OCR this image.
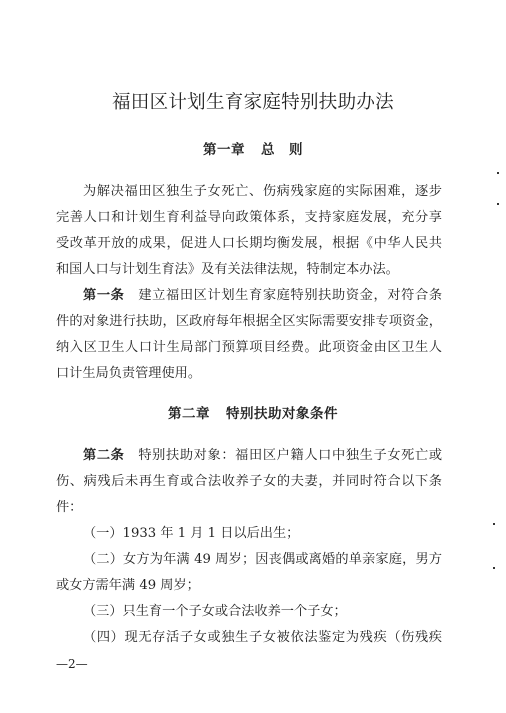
福田区计划生育家庭特别扶助办法
第一章 总　则
为解决福田区独生子女死亡、伤病残家庭的实际困难，逐步
完善人口和计划生育利益导向政策体系，支持家庭发展，充分享
受改革开放的成果，促进人口长期均衡发展，根据《中华人民共
和国人口与计划生育法》及有关法律法规，特制定本办法。
第一条　 建立福田区计划生育家庭特别扶助资金，对符合条
件的对象进行扶助，区政府每年根据全区实际需要安排专项资金，
纳入区卫生人口计生局部门预算项目经费。此项资金由区卫生人
口计生局负责管理使用。
第二章 特别扶助对象条件
第二条　 特别扶助对象：福田区户籍人口中独生子女死亡或
伤、病残后未再生育或合法收养子女的夫妻，并同时符合以下条
件：
（一）1933 年 1 月 1 日以后出生；
（二）女方为年满 49 周岁；因丧偶或离婚的单亲家庭，男方
或女方需年满 49 周岁；
（三）只生育一个子女或合法收养一个子女；
（四）现无存活子女或独生子女被依法鉴定为残疾（伤残疾
—2—
